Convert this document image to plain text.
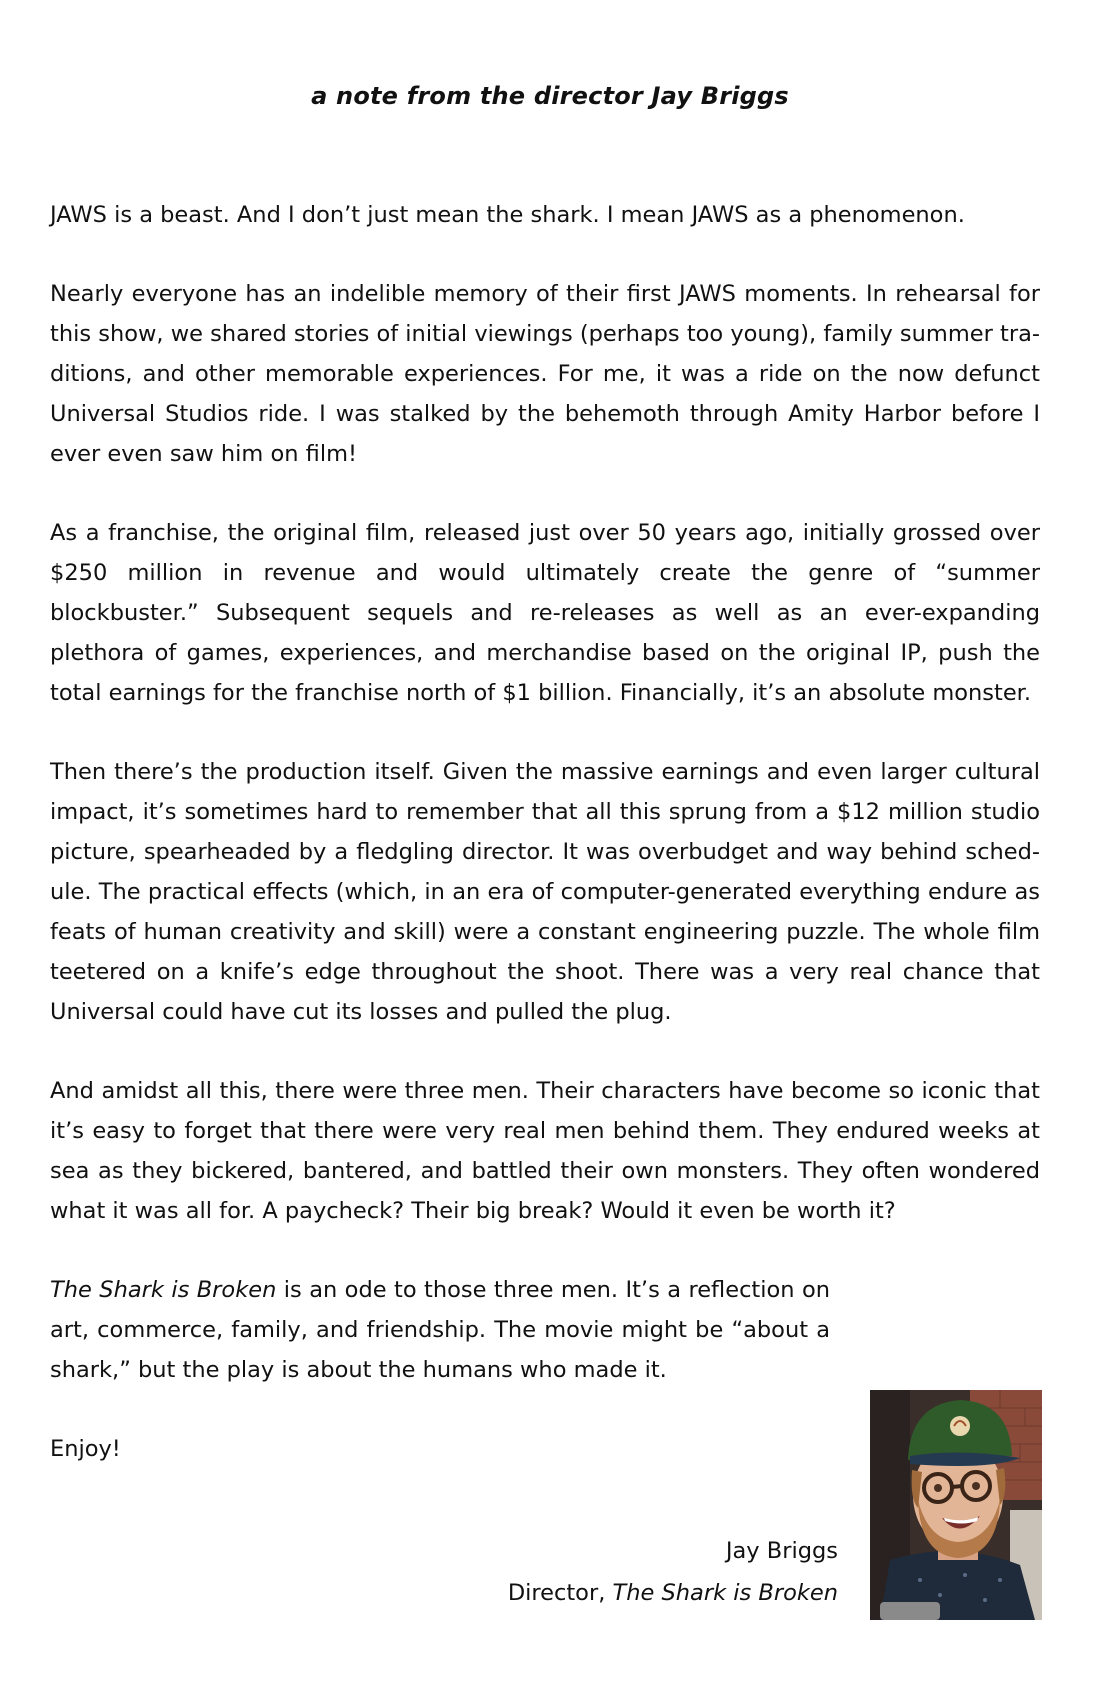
a note from the director Jay Briggs

JAWS is a beast. And I don’t just mean the shark. I mean JAWS as a phenomenon.

Nearly everyone has an indelible memory of their first JAWS moments. In rehearsal for this show, we shared stories of initial viewings (perhaps too young), family summer traditions, and other memorable experiences. For me, it was a ride on the now defunct Universal Studios ride. I was stalked by the behemoth through Amity Harbor before I ever even saw him on film!

As a franchise, the original film, released just over 50 years ago, initially grossed over $250 million in revenue and would ultimately create the genre of “summer blockbuster.” Subsequent sequels and re-releases as well as an ever-expanding plethora of games, experiences, and merchandise based on the original IP, push the total earnings for the franchise north of $1 billion. Financially, it’s an absolute monster.

Then there’s the production itself. Given the massive earnings and even larger cultural impact, it’s sometimes hard to remember that all this sprung from a $12 million studio picture, spearheaded by a fledgling director. It was overbudget and way behind schedule. The practical effects (which, in an era of computer-generated everything endure as feats of human creativity and skill) were a constant engineering puzzle. The whole film teetered on a knife’s edge throughout the shoot. There was a very real chance that Universal could have cut its losses and pulled the plug.

And amidst all this, there were three men. Their characters have become so iconic that it’s easy to forget that there were very real men behind them. They endured weeks at sea as they bickered, bantered, and battled their own monsters. They often wondered what it was all for. A paycheck? Their big break? Would it even be worth it?

The Shark is Broken is an ode to those three men. It’s a reflection on art, commerce, family, and friendship. The movie might be “about a shark,” but the play is about the humans who made it.

Enjoy!

Jay Briggs
Director, The Shark is Broken
